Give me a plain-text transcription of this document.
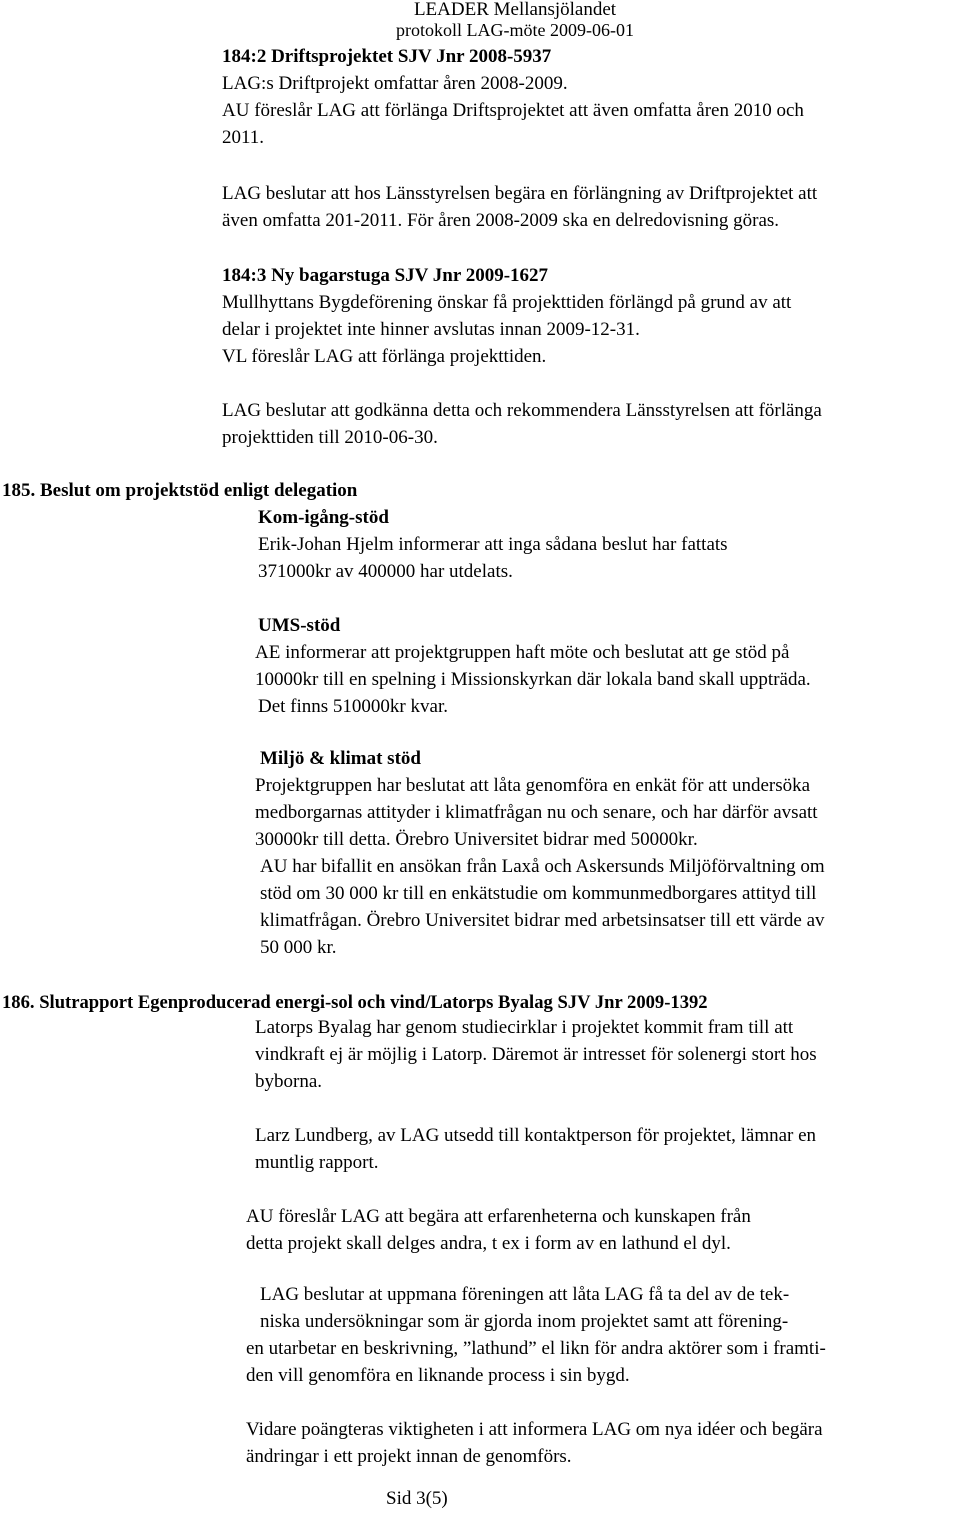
LEADER Mellansjölandet
protokoll LAG-möte 2009-06-01
184:2 Driftsprojektet SJV Jnr 2008-5937
LAG:s Driftprojekt omfattar åren 2008-2009.
AU föreslår LAG att förlänga Driftsprojektet att även omfatta åren 2010 och
2011.
LAG beslutar att hos Länsstyrelsen begära en förlängning av Driftprojektet att
även omfatta 201-2011. För åren 2008-2009 ska en delredovisning göras.
184:3 Ny bagarstuga SJV Jnr 2009-1627
Mullhyttans Bygdeförening önskar få projekttiden förlängd på grund av att
delar i projektet inte hinner avslutas innan 2009-12-31.
VL föreslår LAG att förlänga projekttiden.
LAG beslutar att godkänna detta och rekommendera Länsstyrelsen att förlänga
projekttiden till 2010-06-30.
185. Beslut om projektstöd enligt delegation
Kom-igång-stöd
Erik-Johan Hjelm informerar att inga sådana beslut har fattats
371000kr av 400000 har utdelats.
UMS-stöd
AE informerar att projektgruppen haft möte och beslutat att ge stöd på
10000kr till en spelning i Missionskyrkan där lokala band skall uppträda.
Det finns 510000kr kvar.
Miljö & klimat stöd
Projektgruppen har beslutat att låta genomföra en enkät för att undersöka
medborgarnas attityder i klimatfrågan nu och senare, och har därför avsatt
30000kr till detta. Örebro Universitet bidrar med 50000kr.
AU har bifallit en ansökan från Laxå och Askersunds Miljöförvaltning om
stöd om 30 000 kr till en enkätstudie om kommunmedborgares attityd till
klimatfrågan. Örebro Universitet bidrar med arbetsinsatser till ett värde av
50 000 kr.
186. Slutrapport Egenproducerad energi-sol och vind/Latorps Byalag SJV Jnr 2009-1392
Latorps Byalag har genom studiecirklar i projektet kommit fram till att
vindkraft ej är möjlig i Latorp. Däremot är intresset för solenergi stort hos
byborna.
Larz Lundberg, av LAG utsedd till kontaktperson för projektet, lämnar en
muntlig rapport.
AU föreslår LAG att begära att erfarenheterna och kunskapen från
detta projekt skall delges andra, t ex i form av en lathund el dyl.
LAG beslutar at uppmana föreningen att låta LAG få ta del av de tek-
niska undersökningar som är gjorda inom projektet samt att förening-
en utarbetar en beskrivning, ”lathund” el likn för andra aktörer som i framti-
den vill genomföra en liknande process i sin bygd.
Vidare poängteras viktigheten i att informera LAG om nya idéer och begära
ändringar i ett projekt innan de genomförs.
Sid 3(5)
